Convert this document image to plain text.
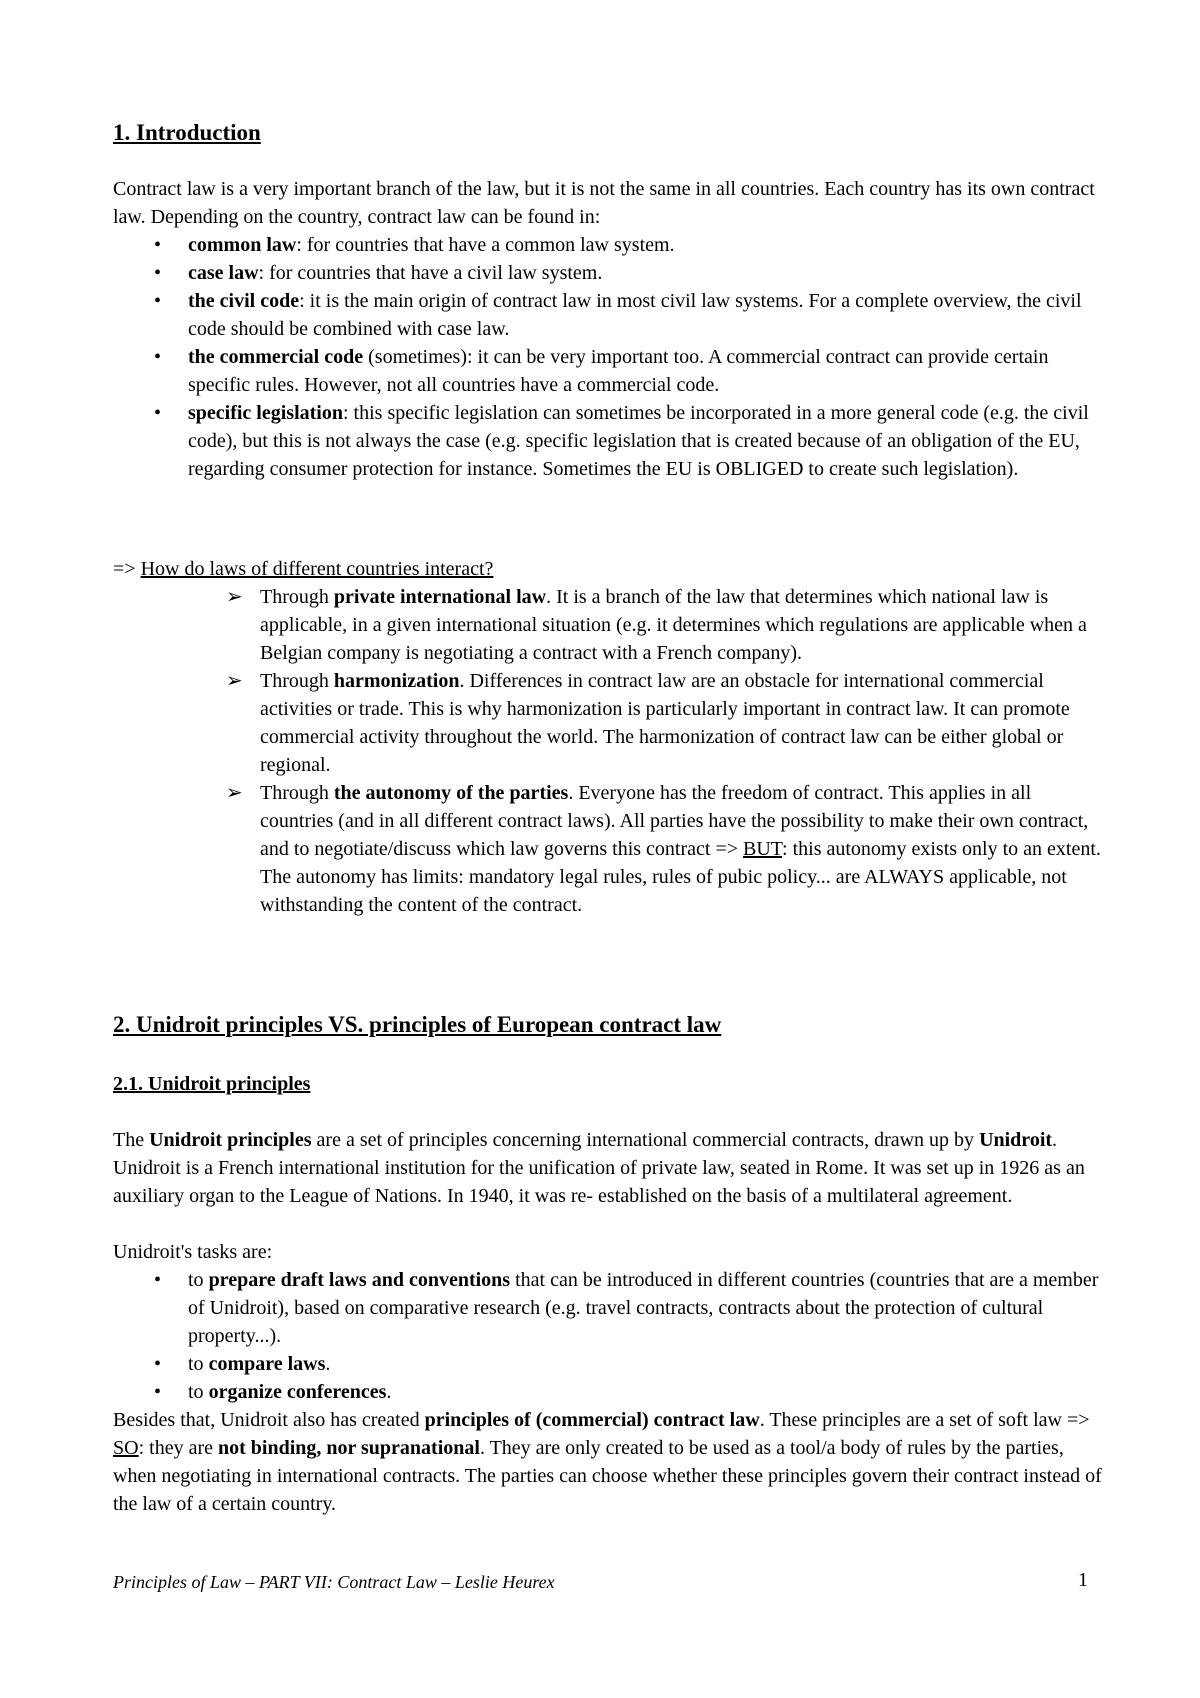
1. Introduction

Contract law is a very important branch of the law, but it is not the same in all countries. Each country has its own contract law. Depending on the country, contract law can be found in:

• common law: for countries that have a common law system.
• case law: for countries that have a civil law system.
• the civil code: it is the main origin of contract law in most civil law systems. For a complete overview, the civil code should be combined with case law.
• the commercial code (sometimes): it can be very important too. A commercial contract can provide certain specific rules. However, not all countries have a commercial code.
• specific legislation: this specific legislation can sometimes be incorporated in a more general code (e.g. the civil code), but this is not always the case (e.g. specific legislation that is created because of an obligation of the EU, regarding consumer protection for instance. Sometimes the EU is OBLIGED to create such legislation).
=> How do laws of different countries interact?
➢ Through private international law. It is a branch of the law that determines which national law is applicable, in a given international situation (e.g. it determines which regulations are applicable when a Belgian company is negotiating a contract with a French company).
➢ Through harmonization. Differences in contract law are an obstacle for international commercial activities or trade. This is why harmonization is particularly important in contract law. It can promote commercial activity throughout the world. The harmonization of contract law can be either global or regional.
➢ Through the autonomy of the parties. Everyone has the freedom of contract. This applies in all countries (and in all different contract laws). All parties have the possibility to make their own contract, and to negotiate/discuss which law governs this contract => BUT: this autonomy exists only to an extent. The autonomy has limits: mandatory legal rules, rules of pubic policy... are ALWAYS applicable, not withstanding the content of the contract.
2. Unidroit principles VS. principles of European contract law
2.1. Unidroit principles

The Unidroit principles are a set of principles concerning international commercial contracts, drawn up by Unidroit. Unidroit is a French international institution for the unification of private law, seated in Rome. It was set up in 1926 as an auxiliary organ to the League of Nations. In 1940, it was re- established on the basis of a multilateral agreement.

Unidroit's tasks are:
• to prepare draft laws and conventions that can be introduced in different countries (countries that are a member of Unidroit), based on comparative research (e.g. travel contracts, contracts about the protection of cultural property...).
• to compare laws.
• to organize conferences.

Besides that, Unidroit also has created principles of (commercial) contract law. These principles are a set of soft law => SO: they are not binding, nor supranational. They are only created to be used as a tool/a body of rules by the parties, when negotiating in international contracts. The parties can choose whether these principles govern their contract instead of the law of a certain country.

Principles of Law – PART VII: Contract Law – Leslie Heurex	1
